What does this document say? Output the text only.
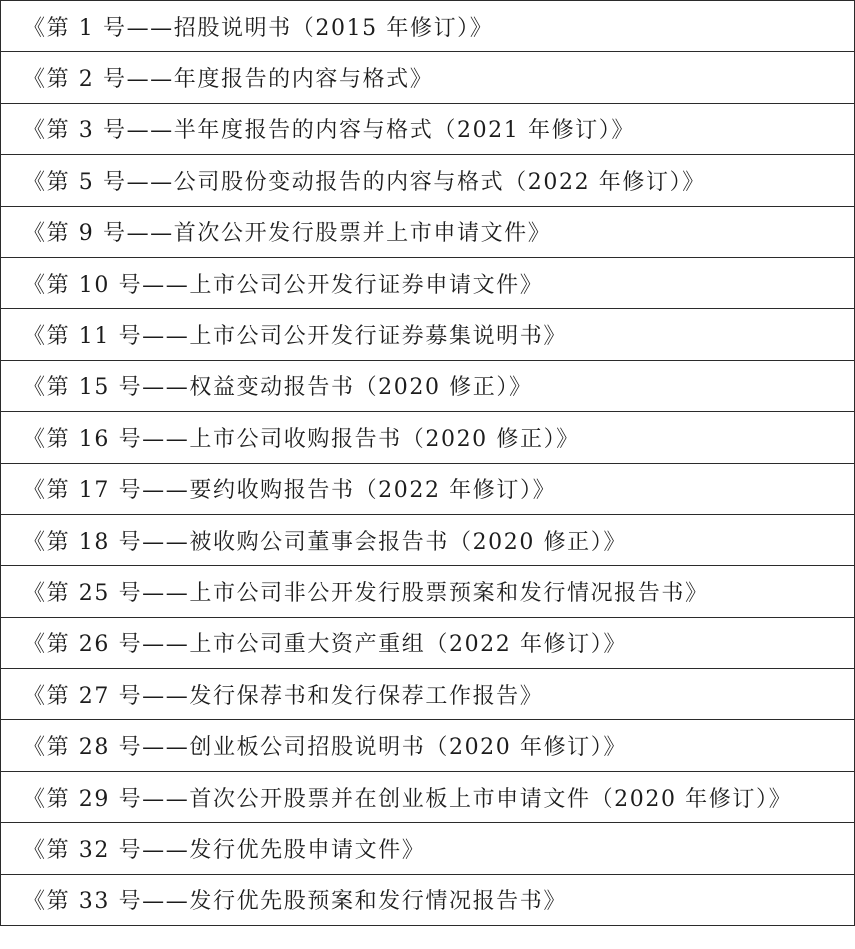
《第 1 号——招股说明书（2015 年修订）》
《第 2 号——年度报告的内容与格式》
《第 3 号——半年度报告的内容与格式（2021 年修订）》
《第 5 号——公司股份变动报告的内容与格式（2022 年修订）》
《第 9 号——首次公开发行股票并上市申请文件》
《第 10 号——上市公司公开发行证券申请文件》
《第 11 号——上市公司公开发行证券募集说明书》
《第 15 号——权益变动报告书（2020 修正）》
《第 16 号——上市公司收购报告书（2020 修正）》
《第 17 号——要约收购报告书（2022 年修订）》
《第 18 号——被收购公司董事会报告书（2020 修正）》
《第 25 号——上市公司非公开发行股票预案和发行情况报告书》
《第 26 号——上市公司重大资产重组（2022 年修订）》
《第 27 号——发行保荐书和发行保荐工作报告》
《第 28 号——创业板公司招股说明书（2020 年修订）》
《第 29 号——首次公开股票并在创业板上市申请文件（2020 年修订）》
《第 32 号——发行优先股申请文件》
《第 33 号——发行优先股预案和发行情况报告书》
